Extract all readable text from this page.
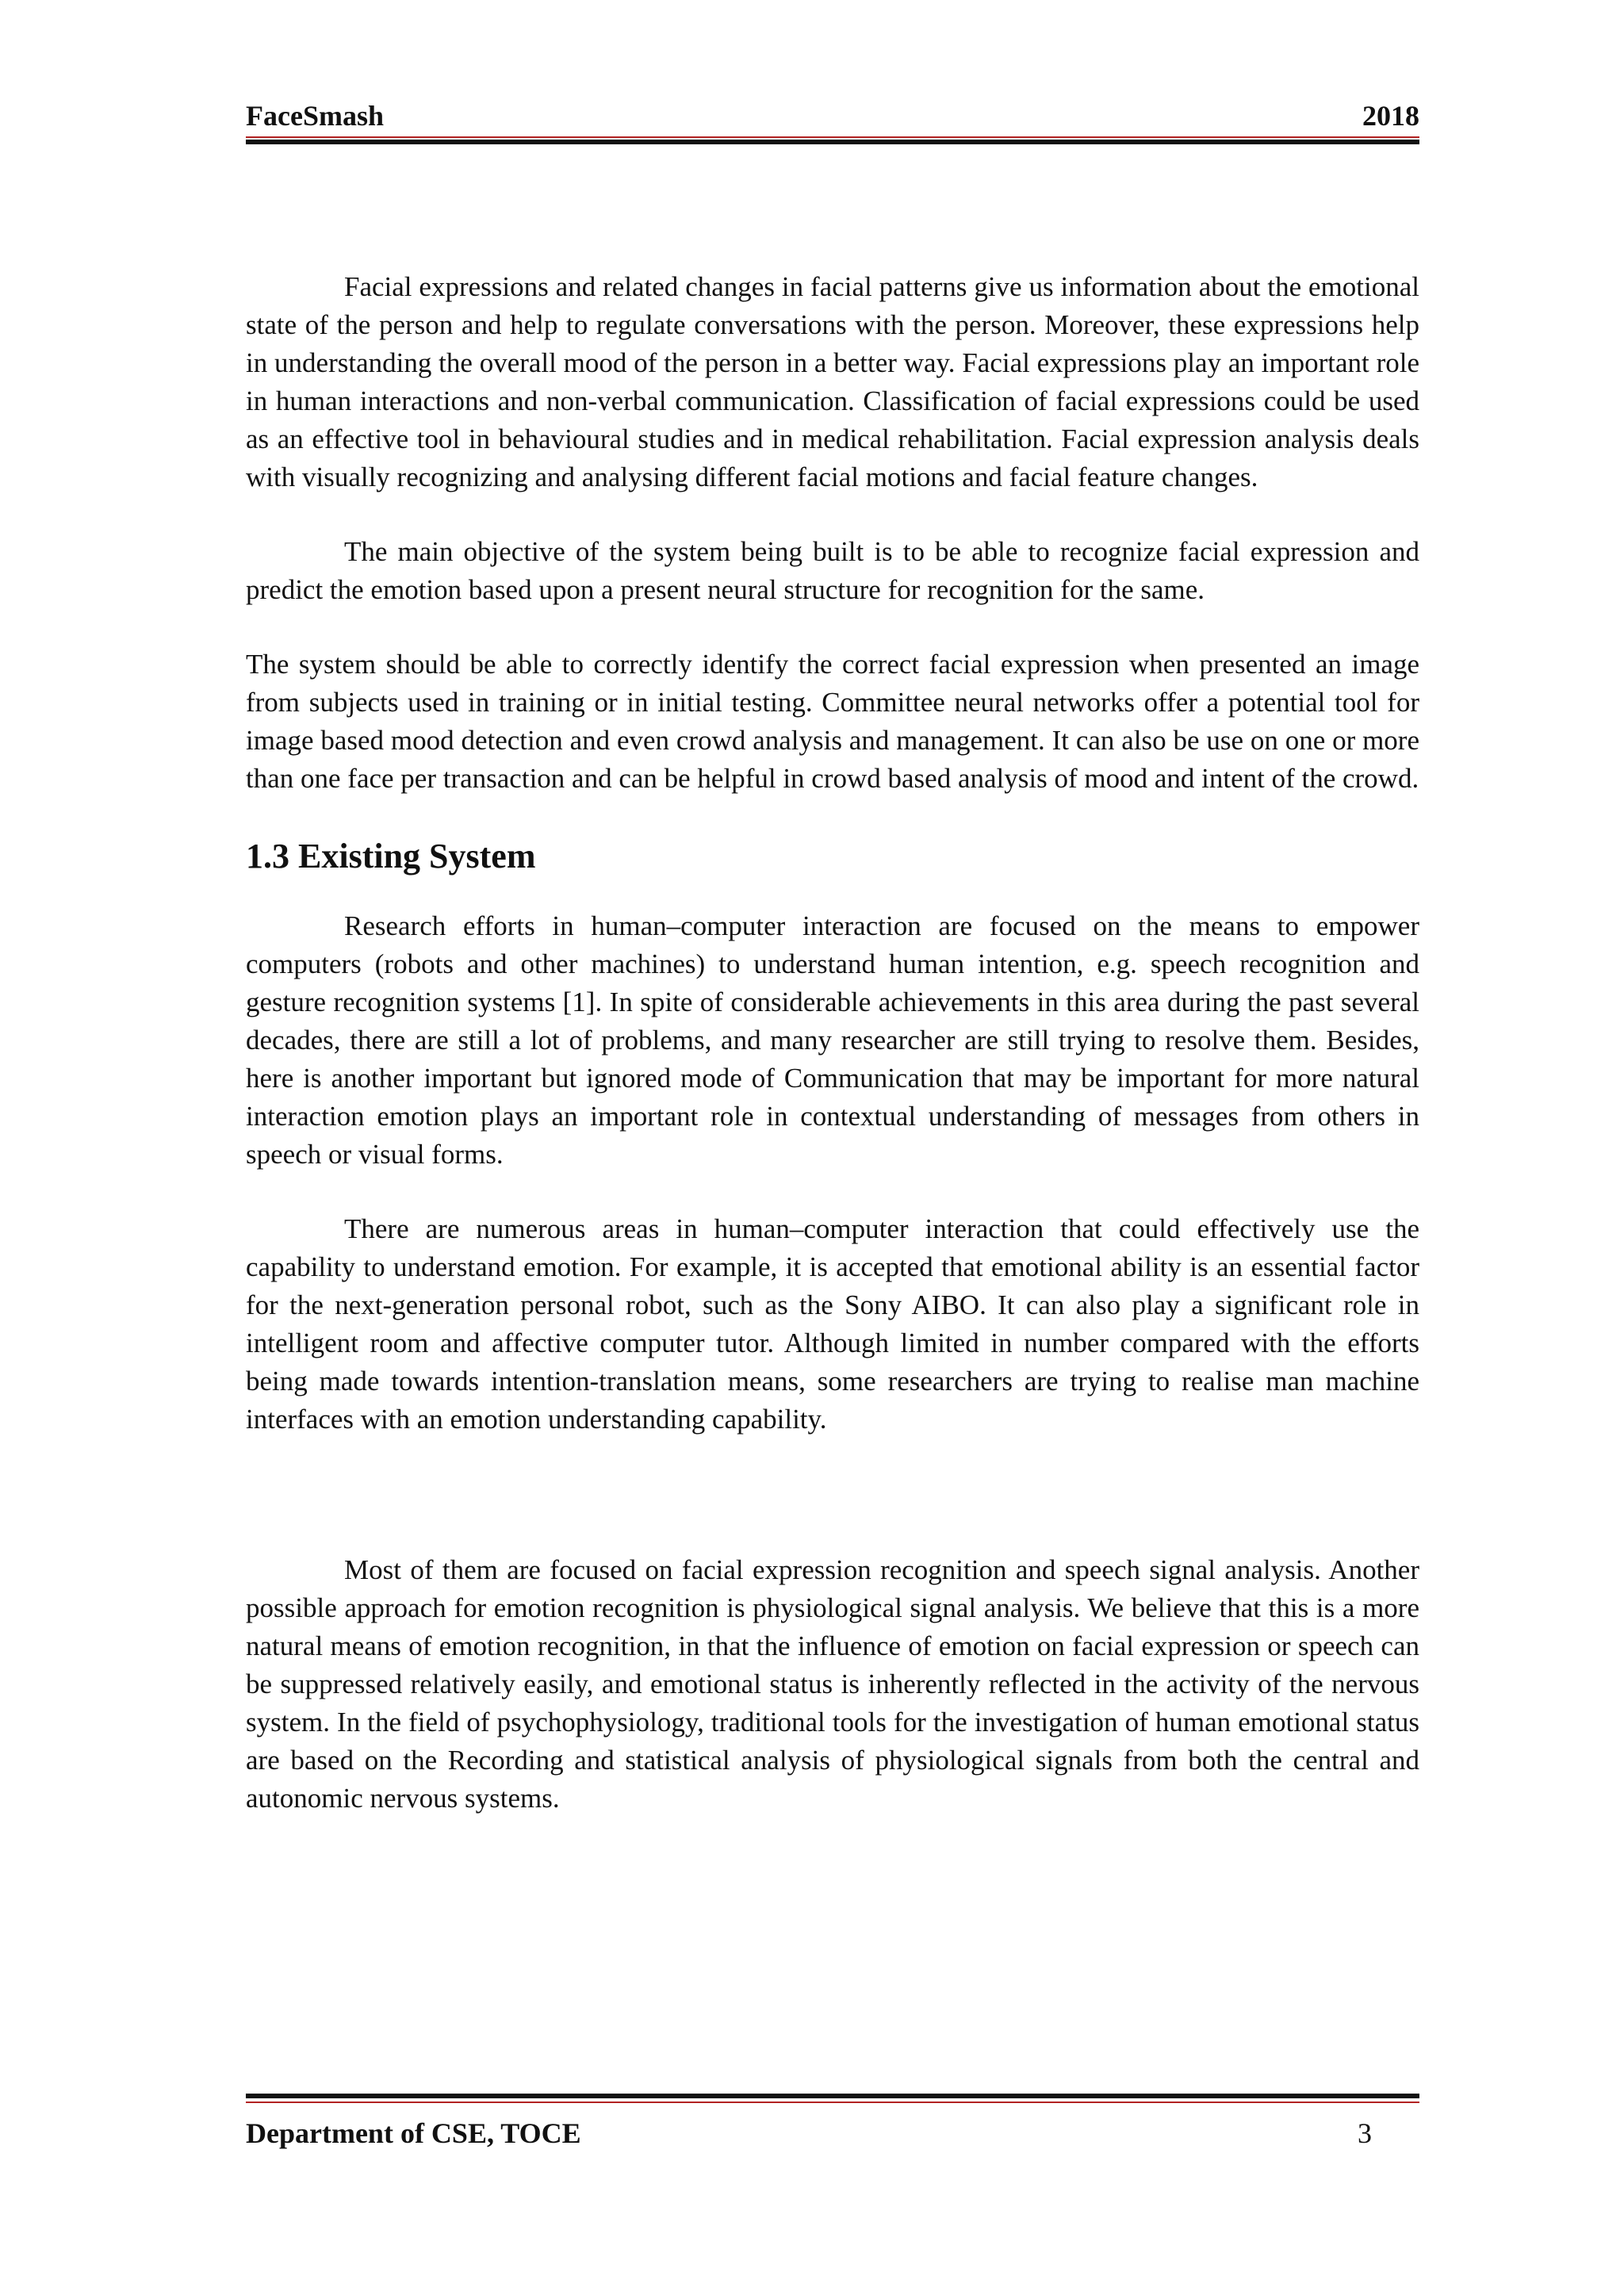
FaceSmash	2018

Facial expressions and related changes in facial patterns give us information about the emotional state of the person and help to regulate conversations with the person. Moreover, these expressions help in understanding the overall mood of the person in a better way. Facial expressions play an important role in human interactions and non-verbal communication. Classification of facial expressions could be used as an effective tool in behavioural studies and in medical rehabilitation. Facial expression analysis deals with visually recognizing and analysing different facial motions and facial feature changes.

The main objective of the system being built is to be able to recognize facial expression and predict the emotion based upon a present neural structure for recognition for the same.

The system should be able to correctly identify the correct facial expression when presented an image from subjects used in training or in initial testing. Committee neural networks offer a potential tool for image based mood detection and even crowd analysis and management. It can also be use on one or more than one face per transaction and can be helpful in crowd based analysis of mood and intent of the crowd.

1.3 Existing System

Research efforts in human–computer interaction are focused on the means to empower computers (robots and other machines) to understand human intention, e.g. speech recognition and gesture recognition systems [1]. In spite of considerable achievements in this area during the past several decades, there are still a lot of problems, and many researcher are still trying to resolve them. Besides, here is another important but ignored mode of Communication that may be important for more natural interaction emotion plays an important role in contextual understanding of messages from others in speech or visual forms.

There are numerous areas in human–computer interaction that could effectively use the capability to understand emotion. For example, it is accepted that emotional ability is an essential factor for the next-generation personal robot, such as the Sony AIBO. It can also play a significant role in intelligent room and affective computer tutor. Although limited in number compared with the efforts being made towards intention-translation means, some researchers are trying to realise man machine interfaces with an emotion understanding capability.

Most of them are focused on facial expression recognition and speech signal analysis. Another possible approach for emotion recognition is physiological signal analysis. We believe that this is a more natural means of emotion recognition, in that the influence of emotion on facial expression or speech can be suppressed relatively easily, and emotional status is inherently reflected in the activity of the nervous system. In the field of psychophysiology, traditional tools for the investigation of human emotional status are based on the Recording and statistical analysis of physiological signals from both the central and autonomic nervous systems.

Department of CSE, TOCE	3
